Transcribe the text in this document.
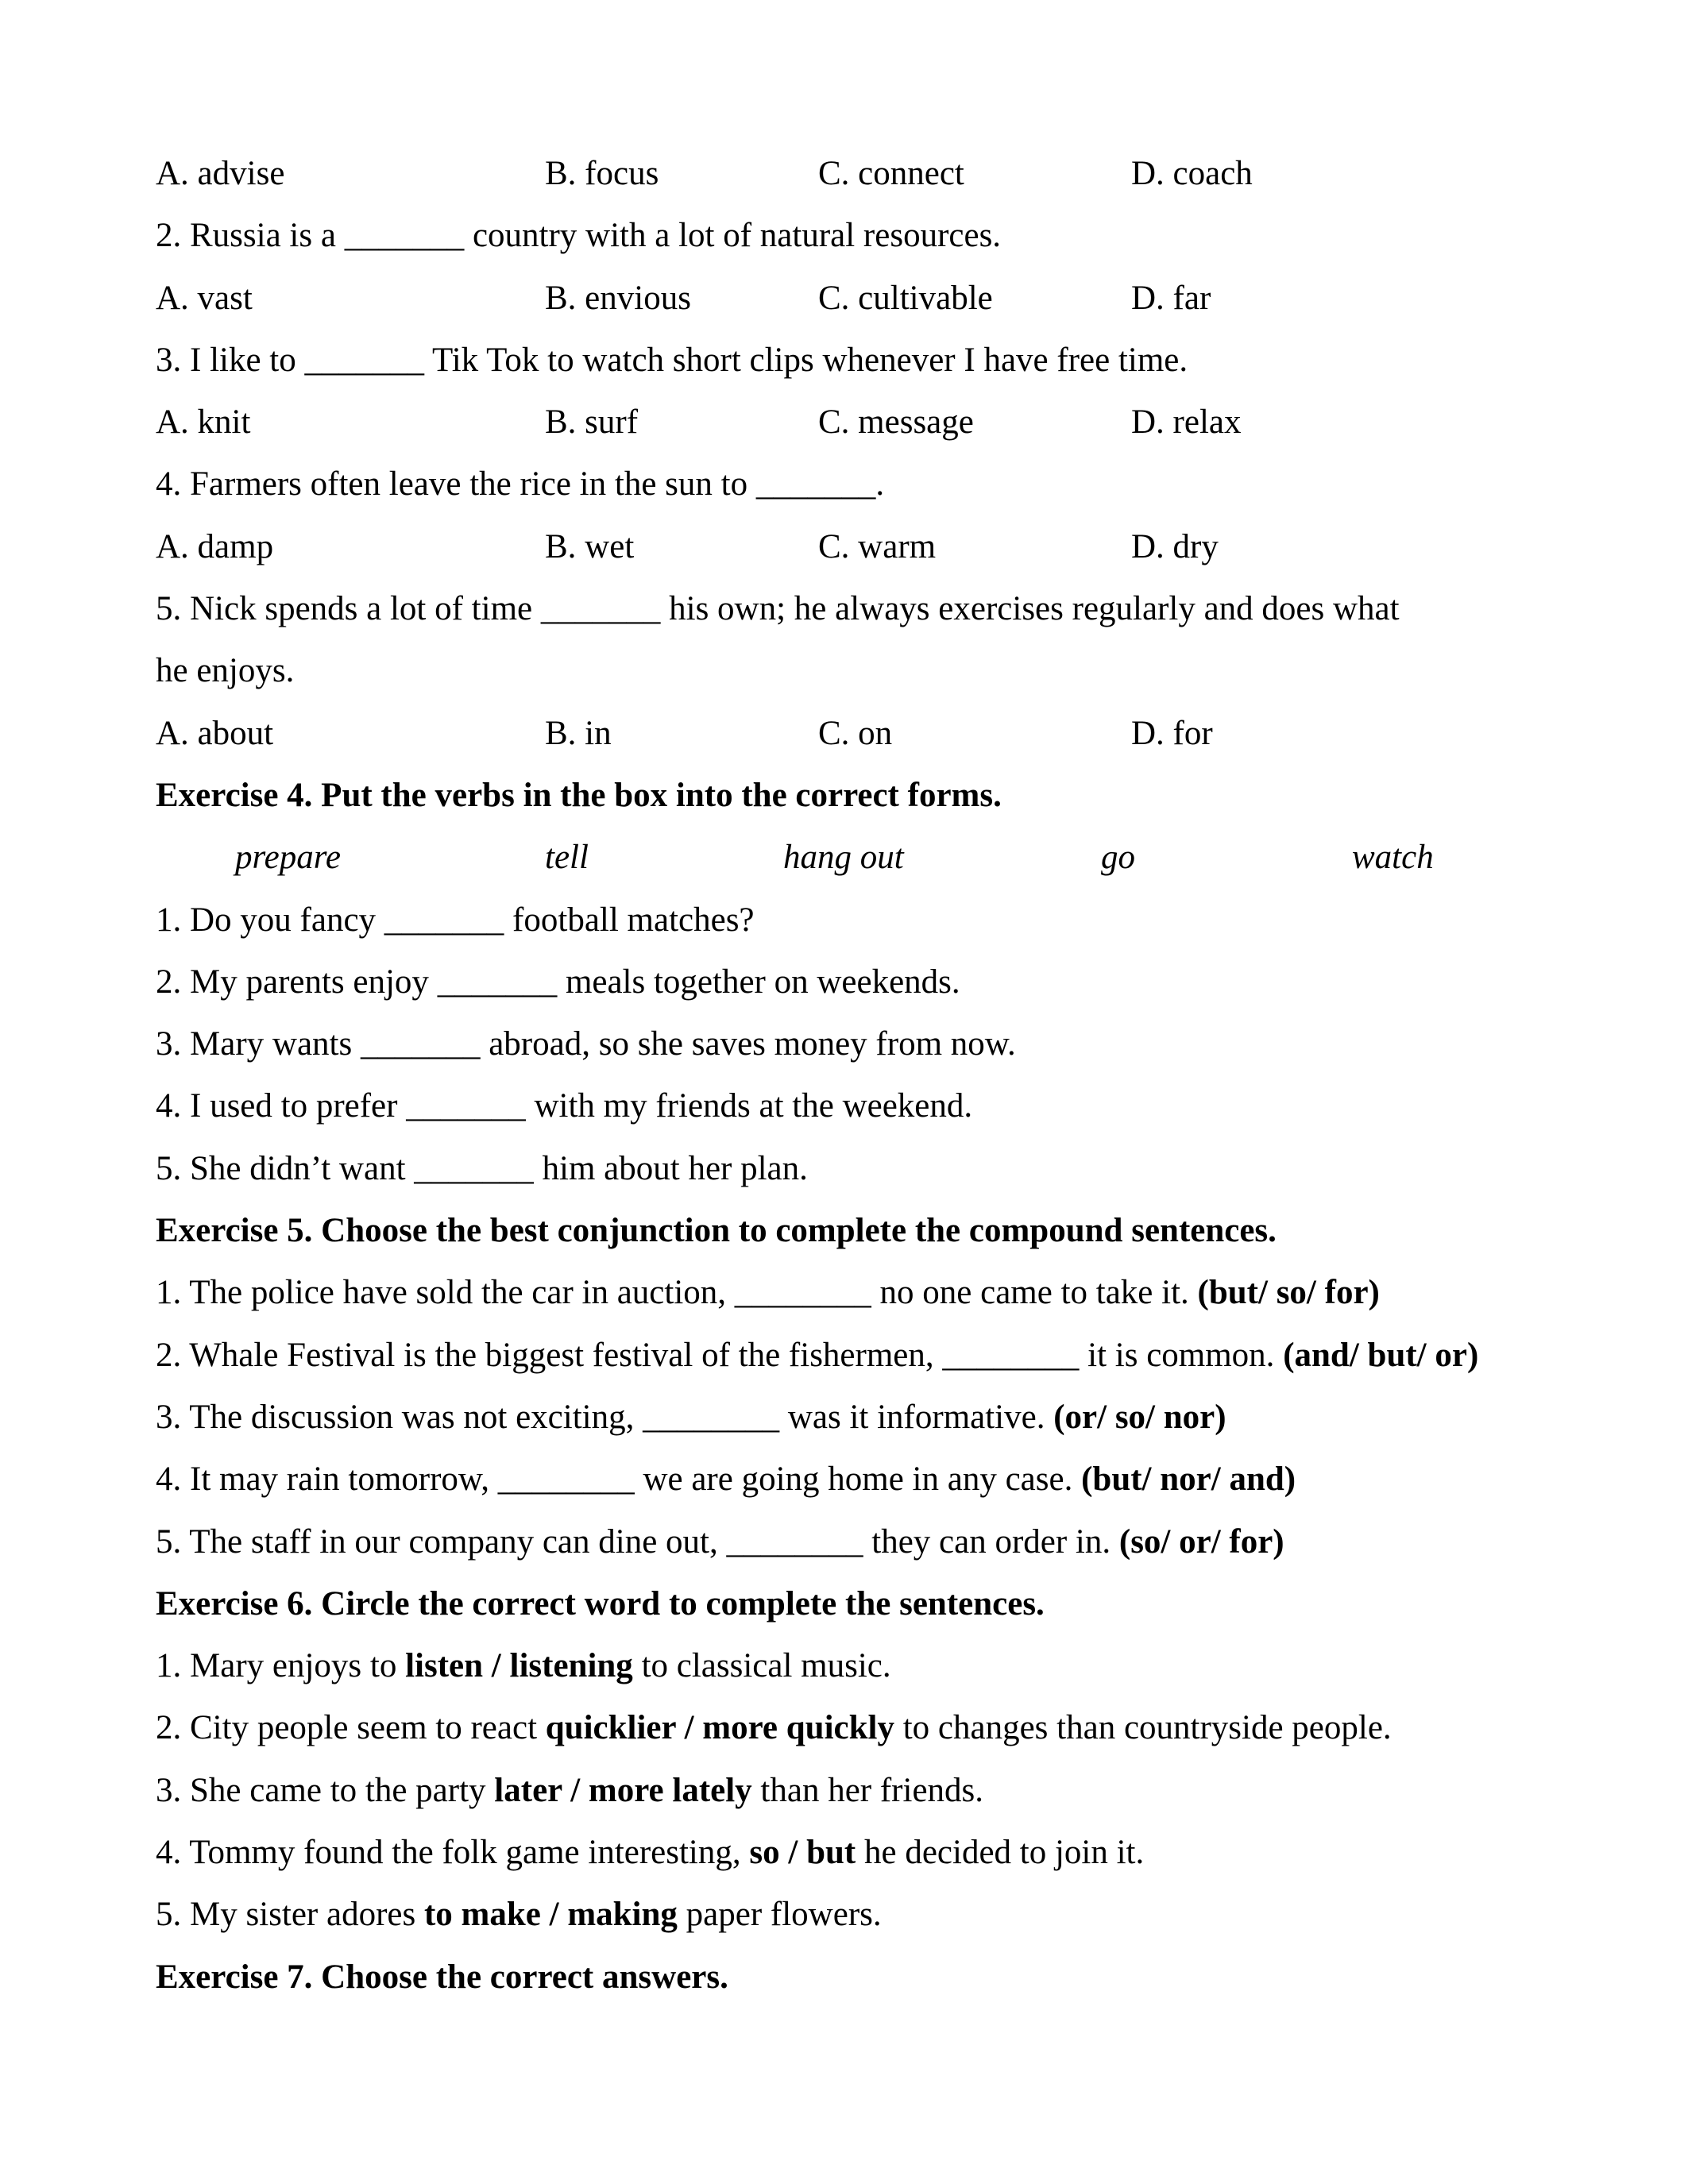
A. advise	B. focus	C. connect	D. coach
2. Russia is a _______ country with a lot of natural resources.
A. vast	B. envious	C. cultivable	D. far
3. I like to _______ Tik Tok to watch short clips whenever I have free time.
A. knit	B. surf	C. message	D. relax
4. Farmers often leave the rice in the sun to _______.
A. damp	B. wet	C. warm	D. dry
5. Nick spends a lot of time _______ his own; he always exercises regularly and does what
he enjoys.
A. about	B. in	C. on	D. for
Exercise 4. Put the verbs in the box into the correct forms.
prepare	tell	hang out	go	watch
1. Do you fancy _______ football matches?
2. My parents enjoy _______ meals together on weekends.
3. Mary wants _______ abroad, so she saves money from now.
4. I used to prefer _______ with my friends at the weekend.
5. She didn’t want _______ him about her plan.
Exercise 5. Choose the best conjunction to complete the compound sentences.
1. The police have sold the car in auction, ________ no one came to take it. (but/ so/ for)
2. Whale Festival is the biggest festival of the fishermen, ________ it is common. (and/ but/ or)
3. The discussion was not exciting, ________ was it informative. (or/ so/ nor)
4. It may rain tomorrow, ________ we are going home in any case. (but/ nor/ and)
5. The staff in our company can dine out, ________ they can order in. (so/ or/ for)
Exercise 6. Circle the correct word to complete the sentences.
1. Mary enjoys to listen / listening to classical music.
2. City people seem to react quicklier / more quickly to changes than countryside people.
3. She came to the party later / more lately than her friends.
4. Tommy found the folk game interesting, so / but he decided to join it.
5. My sister adores to make / making paper flowers.
Exercise 7. Choose the correct answers.
